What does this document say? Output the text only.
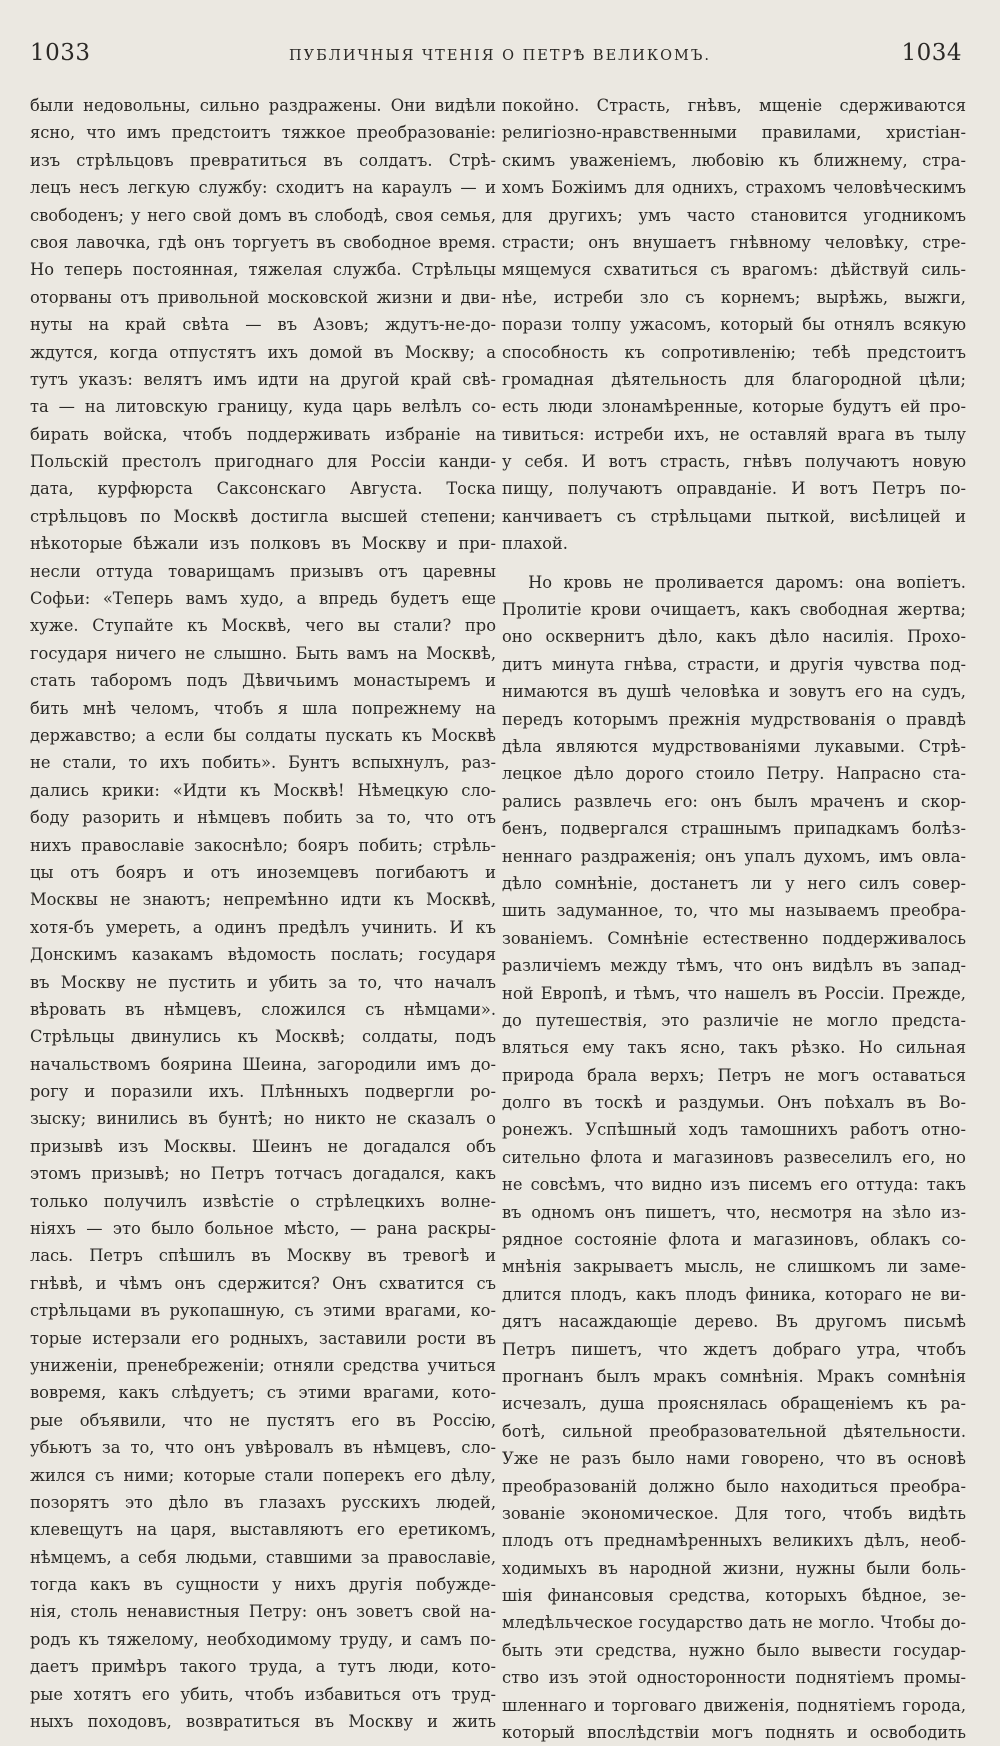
1033	ПУБЛИЧНЫЯ ЧТЕНІЯ О ПЕТРѢ ВЕЛИКОМЪ.	1034
были недовольны, сильно раздражены. Они видѣли
ясно, что имъ предстоитъ тяжкое преобразованіе:
изъ стрѣльцовъ превратиться въ солдатъ. Стрѣ-
лецъ несъ легкую службу: сходитъ на караулъ — и
свободенъ; у него свой домъ въ слободѣ, своя семья,
своя лавочка, гдѣ онъ торгуетъ въ свободное время.
Но теперь постоянная, тяжелая служба. Стрѣльцы
оторваны отъ привольной московской жизни и дви-
нуты на край свѣта — въ Азовъ; ждутъ-не-до-
ждутся, когда отпустятъ ихъ домой въ Москву; а
тутъ указъ: велятъ имъ идти на другой край свѣ-
та — на литовскую границу, куда царь велѣлъ со-
бирать войска, чтобъ поддерживать избраніе на
Польскій престолъ пригоднаго для Россіи канди-
дата, курфюрста Саксонскаго Августа. Тоска
стрѣльцовъ по Москвѣ достигла высшей степени;
нѣкоторые бѣжали изъ полковъ въ Москву и при-
несли оттуда товарищамъ призывъ отъ царевны
Софьи: «Теперь вамъ худо, а впредь будетъ еще
хуже. Ступайте къ Москвѣ, чего вы стали? про
государя ничего не слышно. Быть вамъ на Москвѣ,
стать таборомъ подъ Дѣвичьимъ монастыремъ и
бить мнѣ челомъ, чтобъ я шла попрежнему на
державство; а если бы солдаты пускать къ Москвѣ
не стали, то ихъ побить». Бунтъ вспыхнулъ, раз-
дались крики: «Идти къ Москвѣ! Нѣмецкую сло-
боду разорить и нѣмцевъ побить за то, что отъ
нихъ православіе закоснѣло; бояръ побить; стрѣль-
цы отъ бояръ и отъ иноземцевъ погибаютъ и
Москвы не знаютъ; непремѣнно идти къ Москвѣ,
хотя-бъ умереть, а одинъ предѣлъ учинить. И къ
Донскимъ казакамъ вѣдомость послать; государя
въ Москву не пустить и убить за то, что началъ
вѣровать въ нѣмцевъ, сложился съ нѣмцами».
Стрѣльцы двинулись къ Москвѣ; солдаты, подъ
начальствомъ боярина Шеина, загородили имъ до-
рогу и поразили ихъ. Плѣнныхъ подвергли ро-
зыску; винились въ бунтѣ; но никто не сказалъ о
призывѣ изъ Москвы. Шеинъ не догадался объ
этомъ призывѣ; но Петръ тотчасъ догадался, какъ
только получилъ извѣстіе о стрѣлецкихъ волне-
ніяхъ — это было больное мѣсто, — рана раскры-
лась. Петръ спѣшилъ въ Москву въ тревогѣ и
гнѣвѣ, и чѣмъ онъ сдержится? Онъ схватится съ
стрѣльцами въ рукопашную, съ этими врагами, ко-
торые истерзали его родныхъ, заставили рости въ
униженіи, пренебреженіи; отняли средства учиться
вовремя, какъ слѣдуетъ; съ этими врагами, кото-
рые объявили, что не пустятъ его въ Россію,
убьютъ за то, что онъ увѣровалъ въ нѣмцевъ, сло-
жился съ ними; которые стали поперекъ его дѣлу,
позорятъ это дѣло въ глазахъ русскихъ людей,
клевещутъ на царя, выставляютъ его еретикомъ,
нѣмцемъ, а себя людьми, ставшими за православіе,
тогда какъ въ сущности у нихъ другія побужде-
нія, столь ненавистныя Петру: онъ зоветъ свой на-
родъ къ тяжелому, необходимому труду, и самъ по-
даетъ примѣръ такого труда, а тутъ люди, кото-
рые хотятъ его убить, чтобъ избавиться отъ труд-
ныхъ походовъ, возвратиться въ Москву и жить
покойно. Страсть, гнѣвъ, мщеніе сдерживаются
религіозно-нравственными правилами, христіан-
скимъ уваженіемъ, любовію къ ближнему, стра-
хомъ Божіимъ для однихъ, страхомъ человѣческимъ
для другихъ; умъ часто становится угодникомъ
страсти; онъ внушаетъ гнѣвному человѣку, стре-
мящемуся схватиться съ врагомъ: дѣйствуй силь-
нѣе, истреби зло съ корнемъ; вырѣжь, выжги,
порази толпу ужасомъ, который бы отнялъ всякую
способность къ сопротивленію; тебѣ предстоитъ
громадная дѣятельность для благородной цѣли;
есть люди злонамѣренные, которые будутъ ей про-
тивиться: истреби ихъ, не оставляй врага въ тылу
у себя. И вотъ страсть, гнѣвъ получаютъ новую
пищу, получаютъ оправданіе. И вотъ Петръ по-
канчиваетъ съ стрѣльцами пыткой, висѣлицей и
плахой.
Но кровь не проливается даромъ: она вопіетъ.
Пролитіе крови очищаетъ, какъ свободная жертва;
оно осквернитъ дѣло, какъ дѣло насилія. Прохо-
дитъ минута гнѣва, страсти, и другія чувства под-
нимаются въ душѣ человѣка и зовутъ его на судъ,
передъ которымъ прежнія мудрствованія о правдѣ
дѣла являются мудрствованіями лукавыми. Стрѣ-
лецкое дѣло дорого стоило Петру. Напрасно ста-
рались развлечь его: онъ былъ мраченъ и скор-
бенъ, подвергался страшнымъ припадкамъ болѣз-
неннаго раздраженія; онъ упалъ духомъ, имъ овла-
дѣло сомнѣніе, достанетъ ли у него силъ совер-
шить задуманное, то, что мы называемъ преобра-
зованіемъ. Сомнѣніе естественно поддерживалось
различіемъ между тѣмъ, что онъ видѣлъ въ запад-
ной Европѣ, и тѣмъ, что нашелъ въ Россіи. Прежде,
до путешествія, это различіе не могло предста-
вляться ему такъ ясно, такъ рѣзко. Но сильная
природа брала верхъ; Петръ не могъ оставаться
долго въ тоскѣ и раздумьи. Онъ поѣхалъ въ Во-
ронежъ. Успѣшный ходъ тамошнихъ работъ отно-
сительно флота и магазиновъ развеселилъ его, но
не совсѣмъ, что видно изъ писемъ его оттуда: такъ
въ одномъ онъ пишетъ, что, несмотря на зѣло из-
рядное состояніе флота и магазиновъ, облакъ со-
мнѣнія закрываетъ мысль, не слишкомъ ли заме-
длится плодъ, какъ плодъ финика, котораго не ви-
дятъ насаждающіе дерево. Въ другомъ письмѣ
Петръ пишетъ, что ждетъ добраго утра, чтобъ
прогнанъ былъ мракъ сомнѣнія. Мракъ сомнѣнія
исчезалъ, душа прояснялась обращеніемъ къ ра-
ботѣ, сильной преобразовательной дѣятельности.
Уже не разъ было нами говорено, что въ основѣ
преобразованій должно было находиться преобра-
зованіе экономическое. Для того, чтобъ видѣть
плодъ отъ преднамѣренныхъ великихъ дѣлъ, необ-
ходимыхъ въ народной жизни, нужны были боль-
шія финансовыя средства, которыхъ бѣдное, зе-
мледѣльческое государство дать не могло. Чтобы до-
быть эти средства, нужно было вывести государ-
ство изъ этой односторонности поднятіемъ промы-
шленнаго и торговаго движенія, поднятіемъ города,
который впослѣдствіи могъ поднять и освободить
